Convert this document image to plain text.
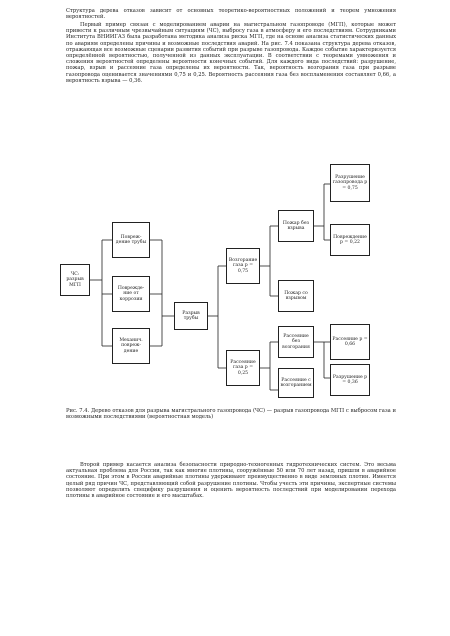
Структура дерева отказов зависит от основных теоретико-вероятностных положений и теорем умножения вероятностей.
Первый пример связан с моделированием аварии на магистральном газопроводе (МГП), которые может привести к различным чрезвычайным ситуациям (ЧС), выбросу газа в атмосферу и его последствиям. Сотрудниками Института ВНИИГАЗ была разработана методика анализа риска МГП, где на основе анализа статистических данных по авариям определены причины и возможные последствия аварий. На рис. 7.4 показана структура дерева отказов, отражающая все возможные сценарии развития событий при разрыве газопровода. Каждое событие характеризуется определённой вероятностью, полученной из данных эксплуатации. В соответствии с теоремами умножения и сложения вероятностей определены вероятности конечных событий. Для каждого вида последствий: разрушение, пожар, взрыв и рассеяние газа определены их вероятности. Так, вероятность возгорания газа при разрыве газопровода оценивается значениями 0,75 и 0,25. Вероятность рассеяния газа без воспламенения составляет 0,66, а вероятность взрыва — 0,36.
ЧС: разрыв МГП
Повреж-дение трубы
Поврежде-ние от коррозии
Механич. повреж-дение
Разрыв трубы
Возгорание газа р = 0,75
Рассеяние газа р = 0,25
Пожар без взрыва
Пожар со взрывом
Рассеяние без возгорания
Рассеяние с возгоранием
Разрушение газопровода р = 0,75
Повреждение р = 0,22
Рассеяние р = 0,66
Разрушение р = 0,36
Рис. 7.4. Дерево отказов для разрыва магистрального газопровода (ЧС) — разрыв газопровода МГП с выбросом газа и возможными последствиями (вероятностная модель)
Второй пример касается анализа безопасности природно-техногенных гидротехнических систем. Это весьма актуальная проблема для России, так как многие плотины, сооружённые 50 или 70 лет назад, пришли в аварийное состояние. При этом в России аварийные плотины удерживают преимущественно в виде земляных плотин. Имеется целый ряд причин ЧС, представляющий собой разрушение плотины. Чтобы учесть эти причины, экспертные системы позволяют определить специфику разрушения и оценить вероятность последствий при моделировании перехода плотины в аварийное состояние и его масштабах.
